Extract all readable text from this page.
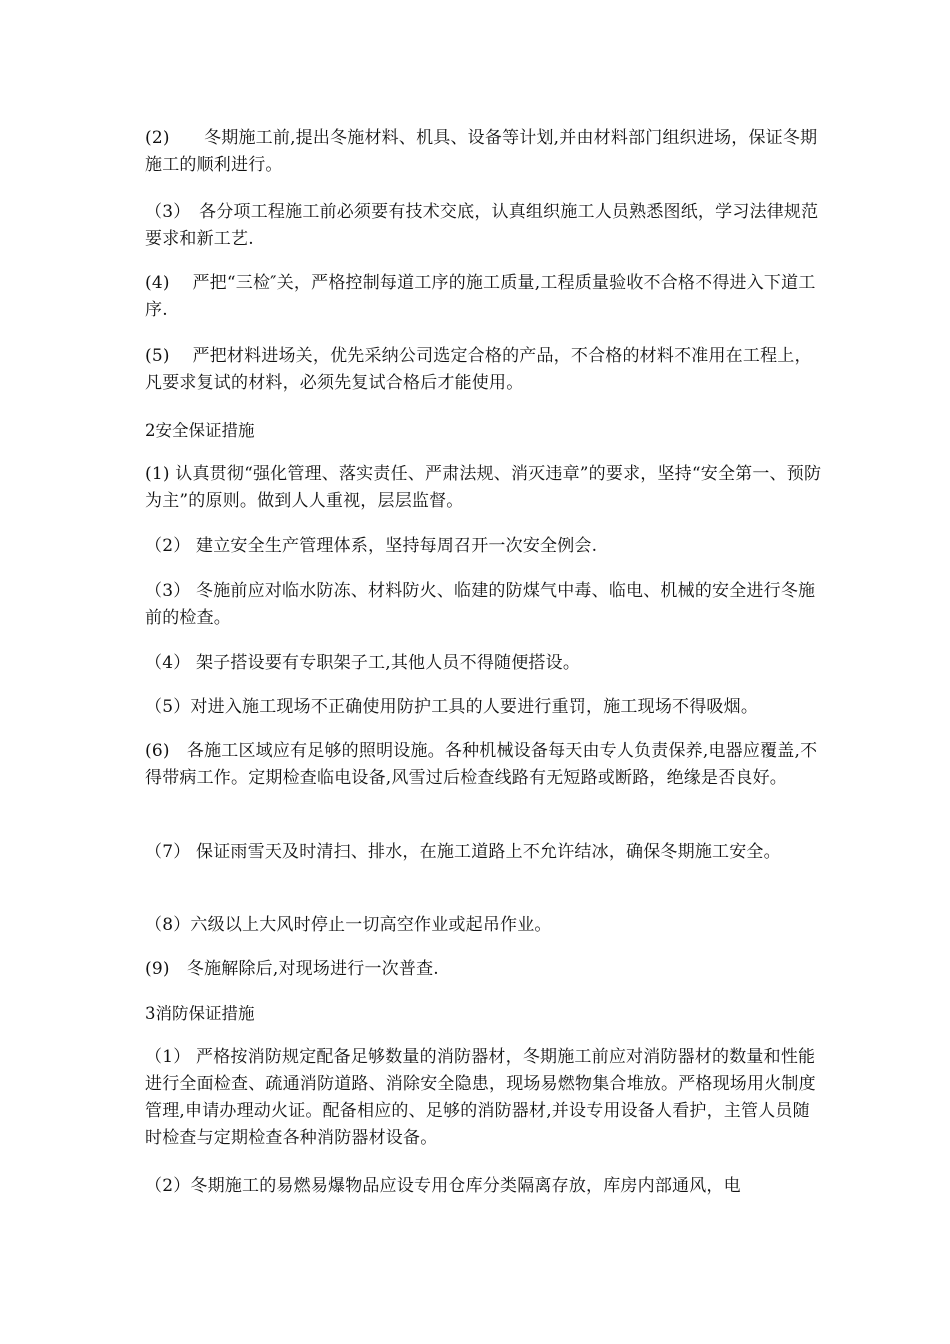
(2)　　冬期施工前,提出冬施材料、机具、设备等计划,并由材料部门组织进场，保证冬期施工的顺利进行。

（3）　各分项工程施工前必须要有技术交底，认真组织施工人员熟悉图纸，学习法律规范要求和新工艺.

(4)　 严把“三检″关，严格控制每道工序的施工质量,工程质量验收不合格不得进入下道工序.

(5)　 严把材料进场关，优先采纳公司选定合格的产品，不合格的材料不准用在工程上，凡要求复试的材料，必须先复试合格后才能使用。

2安全保证措施

(1) 认真贯彻“强化管理、落实责任、严肃法规、消灭违章”的要求，坚持“安全第一、预防为主”的原则。做到人人重视，层层监督。

（2） 建立安全生产管理体系，坚持每周召开一次安全例会.

（3） 冬施前应对临水防冻、材料防火、临建的防煤气中毒、临电、机械的安全进行冬施前的检查。

（4） 架子搭设要有专职架子工,其他人员不得随便搭设。

（5）对进入施工现场不正确使用防护工具的人要进行重罚，施工现场不得吸烟。

(6)　各施工区域应有足够的照明设施。各种机械设备每天由专人负责保养,电器应覆盖,不得带病工作。定期检查临电设备,风雪过后检查线路有无短路或断路，绝缘是否良好。

（7） 保证雨雪天及时清扫、排水，在施工道路上不允许结冰，确保冬期施工安全。

（8）六级以上大风时停止一切高空作业或起吊作业。

(9)　冬施解除后,对现场进行一次普查.

3消防保证措施

（1） 严格按消防规定配备足够数量的消防器材，冬期施工前应对消防器材的数量和性能进行全面检查、疏通消防道路、消除安全隐患，现场易燃物集合堆放。严格现场用火制度管理,申请办理动火证。配备相应的、足够的消防器材,并设专用设备人看护，主管人员随时检查与定期检查各种消防器材设备。

（2）冬期施工的易燃易爆物品应设专用仓库分类隔离存放，库房内部通风，电
